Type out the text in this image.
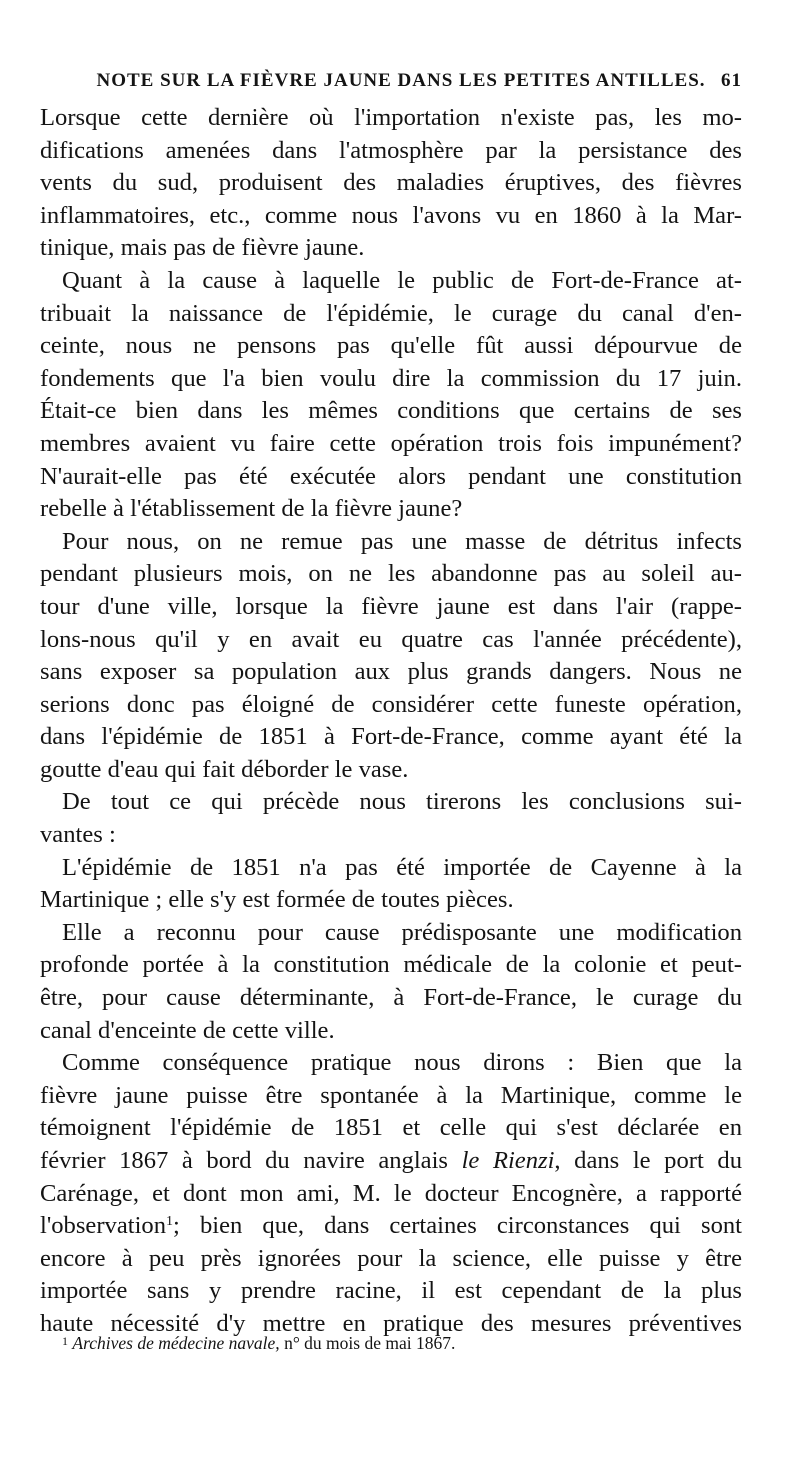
NOTE SUR LA FIÈVRE JAUNE DANS LES PETITES ANTILLES. 61
Lorsque cette dernière où l'importation n'existe pas, les mo-
difications amenées dans l'atmosphère par la persistance des
vents du sud, produisent des maladies éruptives, des fièvres
inflammatoires, etc., comme nous l'avons vu en 1860 à la Mar-
tinique, mais pas de fièvre jaune.
Quant à la cause à laquelle le public de Fort-de-France at-
tribuait la naissance de l'épidémie, le curage du canal d'en-
ceinte, nous ne pensons pas qu'elle fût aussi dépourvue de
fondements que l'a bien voulu dire la commission du 17 juin.
Était-ce bien dans les mêmes conditions que certains de ses
membres avaient vu faire cette opération trois fois impunément?
N'aurait-elle pas été exécutée alors pendant une constitution
rebelle à l'établissement de la fièvre jaune?
Pour nous, on ne remue pas une masse de détritus infects
pendant plusieurs mois, on ne les abandonne pas au soleil au-
tour d'une ville, lorsque la fièvre jaune est dans l'air (rappe-
lons-nous qu'il y en avait eu quatre cas l'année précédente),
sans exposer sa population aux plus grands dangers. Nous ne
serions donc pas éloigné de considérer cette funeste opération,
dans l'épidémie de 1851 à Fort-de-France, comme ayant été la
goutte d'eau qui fait déborder le vase.
De tout ce qui précède nous tirerons les conclusions sui-
vantes :
L'épidémie de 1851 n'a pas été importée de Cayenne à la
Martinique ; elle s'y est formée de toutes pièces.
Elle a reconnu pour cause prédisposante une modification
profonde portée à la constitution médicale de la colonie et peut-
être, pour cause déterminante, à Fort-de-France, le curage du
canal d'enceinte de cette ville.
Comme conséquence pratique nous dirons : Bien que la
fièvre jaune puisse être spontanée à la Martinique, comme le
témoignent l'épidémie de 1851 et celle qui s'est déclarée en
février 1867 à bord du navire anglais le Rienzi, dans le port du
Carénage, et dont mon ami, M. le docteur Encognère, a rapporté
l'observation$^1$; bien que, dans certaines circonstances qui sont
encore à peu près ignorées pour la science, elle puisse y être
importée sans y prendre racine, il est cependant de la plus
haute nécessité d'y mettre en pratique des mesures préventives
$^1$ Archives de médecine navale, n° du mois de mai 1867.
